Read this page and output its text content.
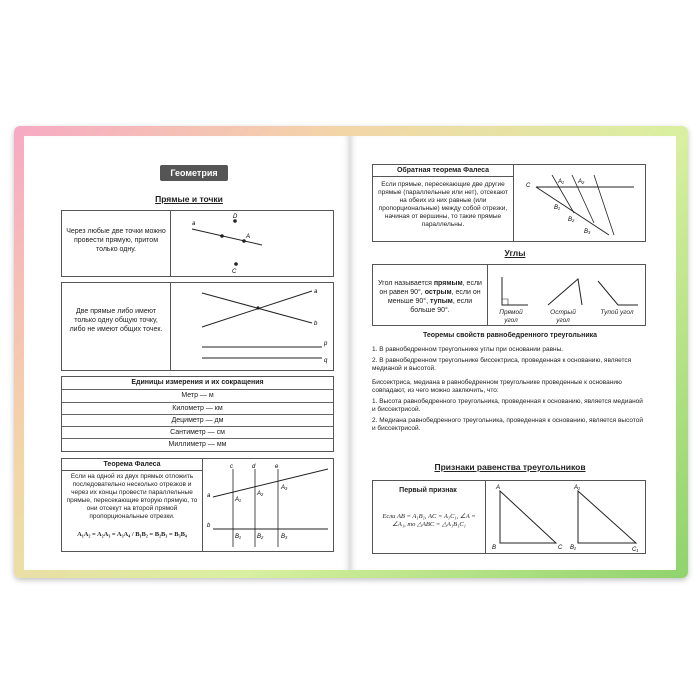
Геометрия
Прямые и точки
Через любые две точки можно провести прямую, притом только одну.
a
D
A
C
Две прямые либо имеют только одну общую точку, либо не имеют общих точек.
a
b
p
q
Единицы измерения и их сокращения
Метр — м
Километр — км
Дециметр — дм
Сантиметр — см
Миллиметр — мм
Теорема Фалеса
Если на одной из двух прямых отложить последовательно несколько отрезков и через их концы провести параллельные прямые, пересекающие вторую прямую, то они отсекут на второй прямой пропорциональные отрезки.
A₁A₂ = A₂A₃ = A₃A₄ / B₁B₂ = B₂B₃ = B₃B₄
c	d	e
a
A₁
A₂
A₃
b
B₁	B₂	B₃
Обратная теорема Фалеса
Если прямые, пересекающие две другие прямые (параллельные или нет), отсекают на обеих из них равные (или пропорциональные) между собой отрезки, начиная от вершины, то такие прямые параллельны.
C
A₁ A₂
B₁
B₂
B₃
Углы
Угол называется прямым, если он равен 90°, острым, если он меньше 90°, тупым, если больше 90°.	Прямой угол
Острый угол
Тупой угол
Теоремы свойств равнобедренного треугольника
1. В равнобедренном треугольнике углы при основании равны.
2. В равнобедренном треугольнике биссектриса, проведенная к основанию, является медианой и высотой.
Биссектриса, медиана в равнобедренном треугольнике проведенные к основанию совпадают, из чего можно заключить, что:
1. Высота равнобедренного треугольника, проведенная к основанию, является медианой и биссектрисой.
2. Медиана равнобедренного треугольника, проведенная к основанию, является высотой и биссектрисой.
Признаки равенства треугольников
Первый признак
Если AB = A₁B₁, AC = A₁C₁, ∠A = ∠A₁, то △ABC = △A₁B₁C₁
A
B	C
A₁
B₁	C₁
